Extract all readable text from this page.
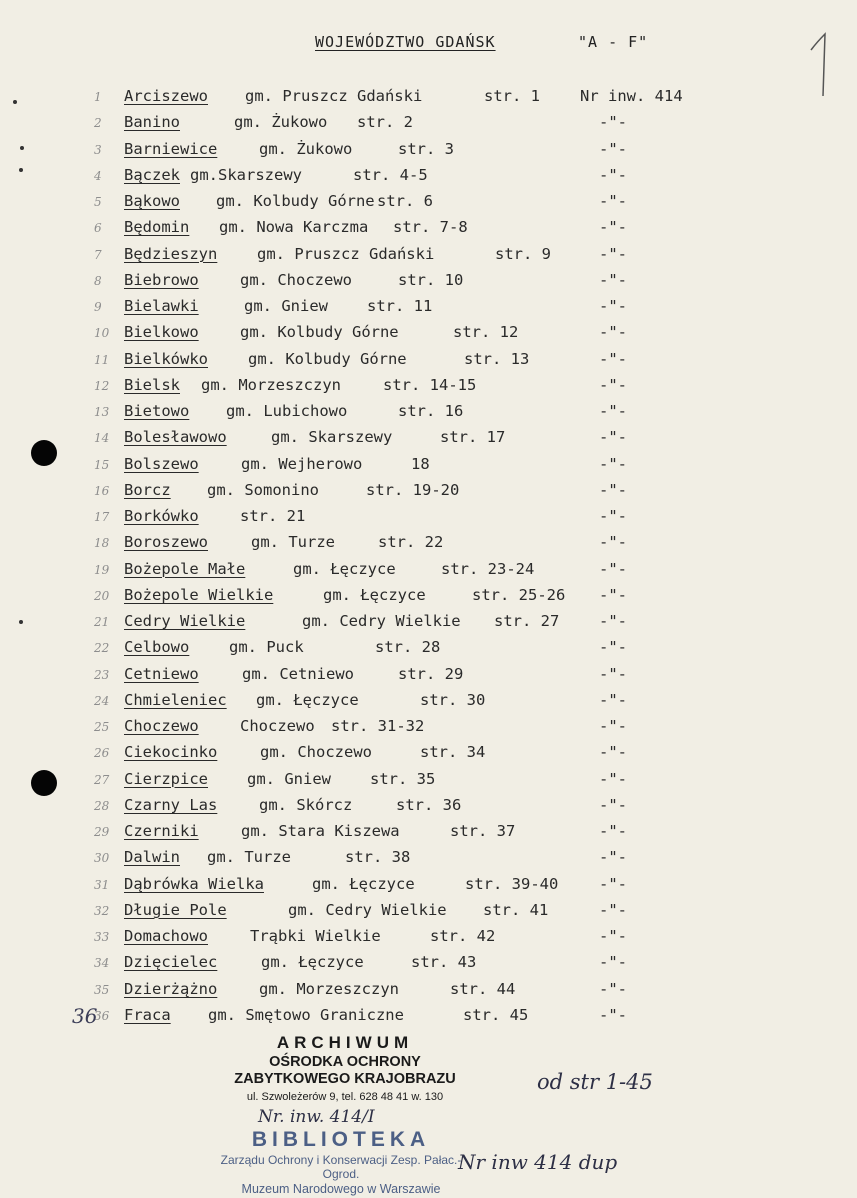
WOJEWÓDZTWO GDAŃSK	"A - F"
1 Arciszewo gm. Pruszcz Gdański	str. 1	Nr inw. 414
2 Banino	gm. Żukowo str. 2	-"-
3 Barniewice	gm. Żukowo	str. 3	-"-
4 Bączek gm.Skarszewy	str. 4-5	-"-
5 Bąkowo gm. Kolbudy Górne str. 6	-"-
6 Będomin gm. Nowa Karczma str. 7-8	-"-
7 Będzieszyn	gm. Pruszcz Gdański	str. 9	-"-
8 Biebrowo	gm. Choczewo	str. 10	-"-
9 Bielawki	gm. Gniew	str. 11	-"-
10 Bielkowo	gm. Kolbudy Górne	str. 12	-"-
11 Bielkówko	gm. Kolbudy Górne	str. 13	-"-
12 Bielsk gm. Morzeszczyn	str. 14-15	-"-
13 Bietowo gm. Lubichowo	str. 16	-"-
14 Bolesławowo	gm. Skarszewy	str. 17	-"-
15 Bolszewo	gm. Wejherowo	18	-"-
16 Borcz gm. Somonino	str. 19-20	-"-
17 Borkówko	str. 21	-"-
18 Boroszewo	gm. Turze	str. 22	-"-
19 Bożepole Małe	gm. Łęczyce	str. 23-24	-"-
20 Bożepole Wielkie	gm. Łęczyce	str. 25-26 -"-
21 Cedry Wielkie	gm. Cedry Wielkie str. 27	-"-
22 Celbowo	gm. Puck	str. 28	-"-
23 Cetniewo	gm. Cetniewo	str. 29	-"-
24 Chmieleniec gm. Łęczyce	str. 30	-"-
25 Choczewo	Choczewo str. 31-32	-"-
26 Ciekocinko	gm. Choczewo	str. 34	-"-
27 Cierzpice	gm. Gniew	str. 35	-"-
28 Czarny Las	gm. Skórcz	str. 36	-"-
29 Czerniki	gm. Stara Kiszewa	str. 37	-"-
30 Dalwin gm. Turze	str. 38	-"-
31 Dąbrówka Wielka	gm. Łęczyce	str. 39-40	-"-
32 Długie Pole	gm. Cedry Wielkie str. 41	-"-
33 Domachowo	Trąbki Wielkie	str. 42	-"-
34 Dzięcielec	gm. Łęczyce	str. 43	-"-
35 Dzierżążno	gm. Morzeszczyn	str. 44	-"-
36 Fraca gm. Smętowo Graniczne	str. 45	-"-
36
ARCHIWUM
OŚRODKA OCHRONY
ZABYTKOWEGO KRAJOBRAZU
ul. Szwoleżerów 9, tel. 628 48 41 w. 130
Nr. inw. 414/I
od str 1-45
BIBLIOTEKA
Zarządu Ochrony i Konserwacji Zesp. Pałac.-Ogrod.
Muzeum Narodowego w Warszawie
Nr inw 414 dup
